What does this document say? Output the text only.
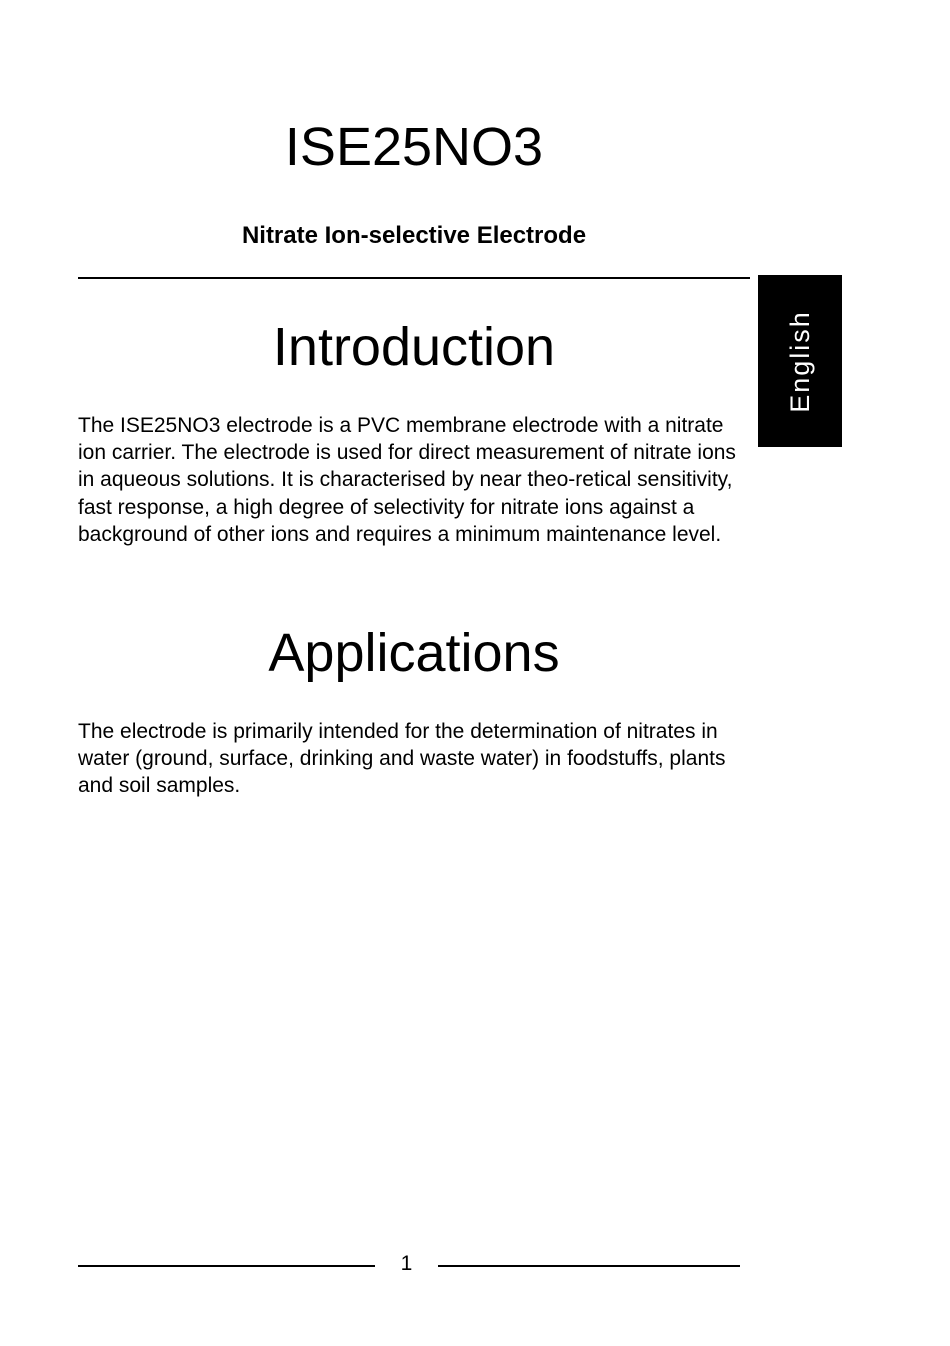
ISE25NO3
Nitrate Ion-selective Electrode
English
Introduction

The ISE25NO3 electrode is a PVC membrane electrode with a nitrate ion carrier. The electrode is used for direct measurement of nitrate ions in aqueous solutions. It is characterised by near theo-retical sensitivity, fast response, a high degree of selectivity for nitrate ions against a background of other ions and requires a minimum maintenance level.

Applications

The electrode is primarily intended for the determination of nitrates in water (ground, surface, drinking and waste water) in foodstuffs, plants and soil samples.

1
